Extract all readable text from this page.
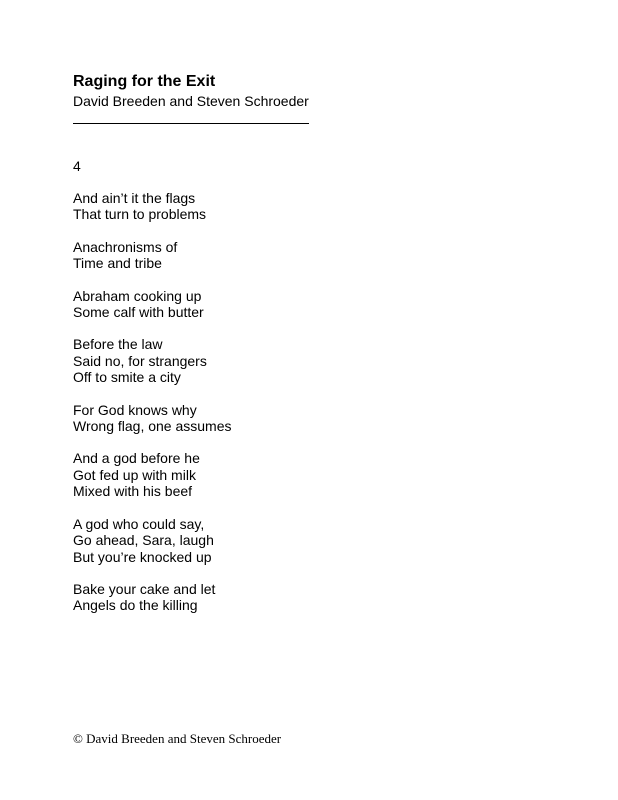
Raging for the Exit
David Breeden and Steven Schroeder
4
And ain’t it the flags
That turn to problems
Anachronisms of
Time and tribe
Abraham cooking up
Some calf with butter
Before the law
Said no, for strangers
Off to smite a city
For God knows why
Wrong flag, one assumes
And a god before he
Got fed up with milk
Mixed with his beef
A god who could say,
Go ahead, Sara, laugh
But you’re knocked up
Bake your cake and let
Angels do the killing
© David Breeden and Steven Schroeder
